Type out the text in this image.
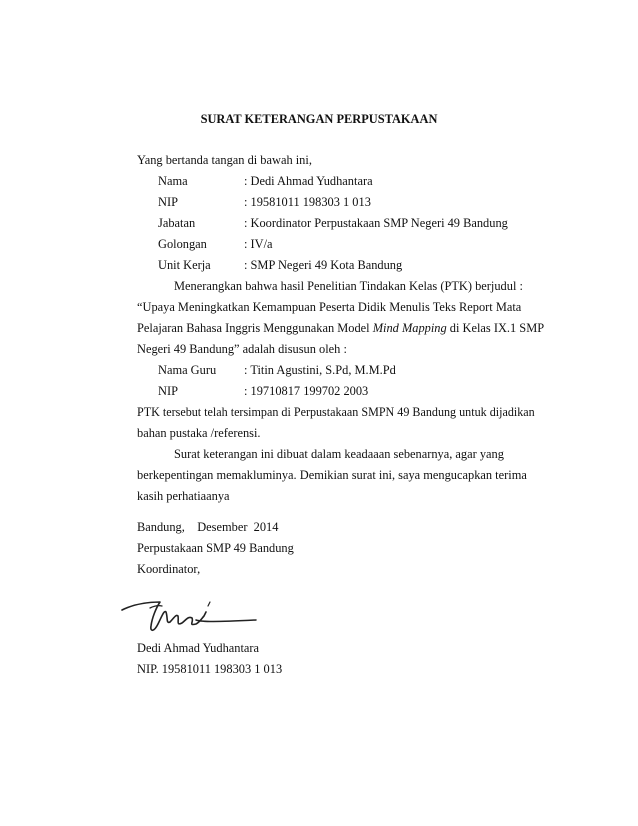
SURAT KETERANGAN PERPUSTAKAAN
Yang bertanda tangan di bawah ini,
Nama	: Dedi Ahmad Yudhantara
NIP	: 19581011 198303 1 013
Jabatan	: Koordinator Perpustakaan SMP Negeri 49 Bandung
Golongan	: IV/a
Unit Kerja	: SMP Negeri 49 Kota Bandung
Menerangkan bahwa hasil Penelitian Tindakan Kelas (PTK) berjudul :
“Upaya Meningkatkan Kemampuan Peserta Didik Menulis Teks Report Mata
Pelajaran Bahasa Inggris Menggunakan Model Mind Mapping di Kelas IX.1 SMP
Negeri 49 Bandung” adalah disusun oleh :
Nama Guru : Titin Agustini, S.Pd, M.M.Pd
NIP	: 19710817 199702 2003
PTK tersebut telah tersimpan di Perpustakaan SMPN 49 Bandung untuk dijadikan
bahan pustaka /referensi.
Surat keterangan ini dibuat dalam keadaaan sebenarnya, agar yang
berkepentingan memakluminya. Demikian surat ini, saya mengucapkan terima
kasih perhatiaanya
Bandung,    Desember  2014
Perpustakaan SMP 49 Bandung
Koordinator,
Dedi Ahmad Yudhantara
NIP. 19581011 198303 1 013
